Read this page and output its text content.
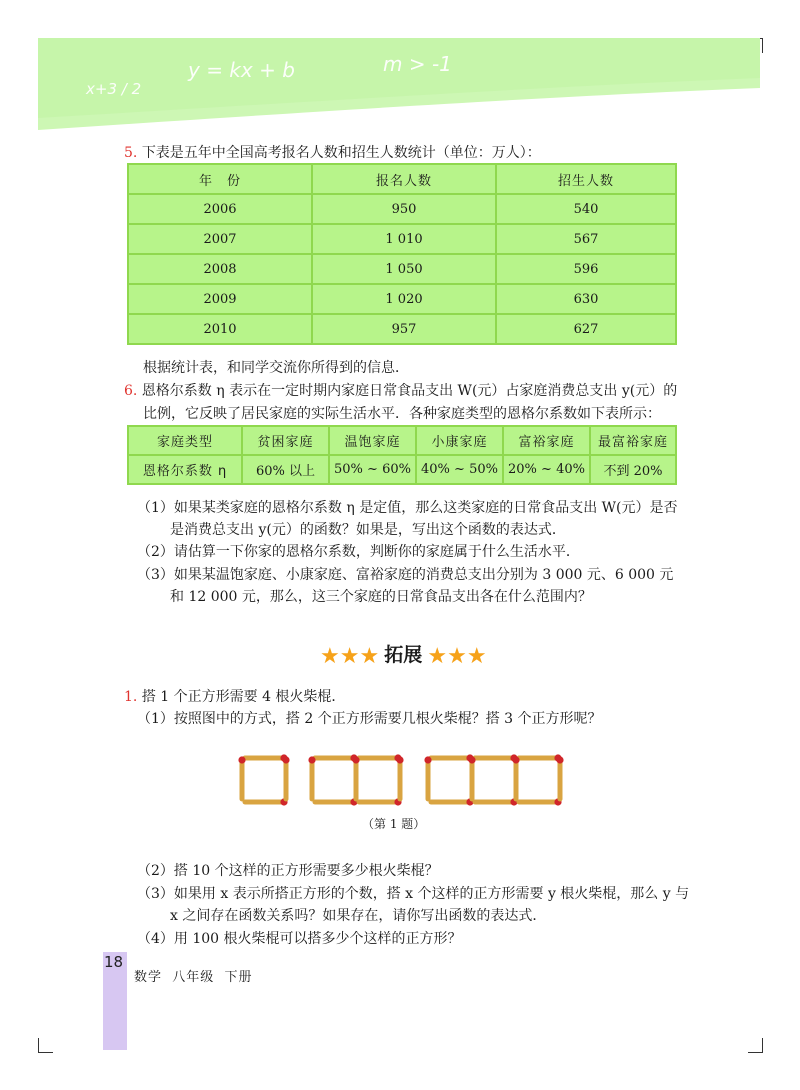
x+3 / 2
y = kx + b	m > -1
5. 下表是五年中全国高考报名人数和招生人数统计（单位：万人）：
年　份	报名人数	招生人数
2006	950	540
2007	1 010	567
2008	1 050	596
2009	1 020	630
2010	957	627
根据统计表，和同学交流你所得到的信息．
6. 恩格尔系数 η 表示在一定时期内家庭日常食品支出 W(元）占家庭消费总支出 y(元）的
比例，它反映了居民家庭的实际生活水平．各种家庭类型的恩格尔系数如下表所示：
家庭类型	贫困家庭	温饱家庭	小康家庭	富裕家庭	最富裕家庭
恩格尔系数 η	60% 以上	50% ~ 60%	40% ~ 50%	20% ~ 40%	不到 20%
（1）如果某类家庭的恩格尔系数 η 是定值，那么这类家庭的日常食品支出 W(元）是否
是消费总支出 y(元）的函数？如果是，写出这个函数的表达式．
（2）请估算一下你家的恩格尔系数，判断你的家庭属于什么生活水平．
（3）如果某温饱家庭、小康家庭、富裕家庭的消费总支出分别为 3 000 元、6 000 元
和 12 000 元，那么，这三个家庭的日常食品支出各在什么范围内？
★★★ 拓展 ★★★
1. 搭 1 个正方形需要 4 根火柴棍．
（1）按照图中的方式，搭 2 个正方形需要几根火柴棍？搭 3 个正方形呢？
（第 1 题）
（2）搭 10 个这样的正方形需要多少根火柴棍？
（3）如果用 x 表示所搭正方形的个数，搭 x 个这样的正方形需要 y 根火柴棍，那么 y 与
x 之间存在函数关系吗？如果存在，请你写出函数的表达式．
（4）用 100 根火柴棍可以搭多少个这样的正方形？
18
数学  八年级  下册
